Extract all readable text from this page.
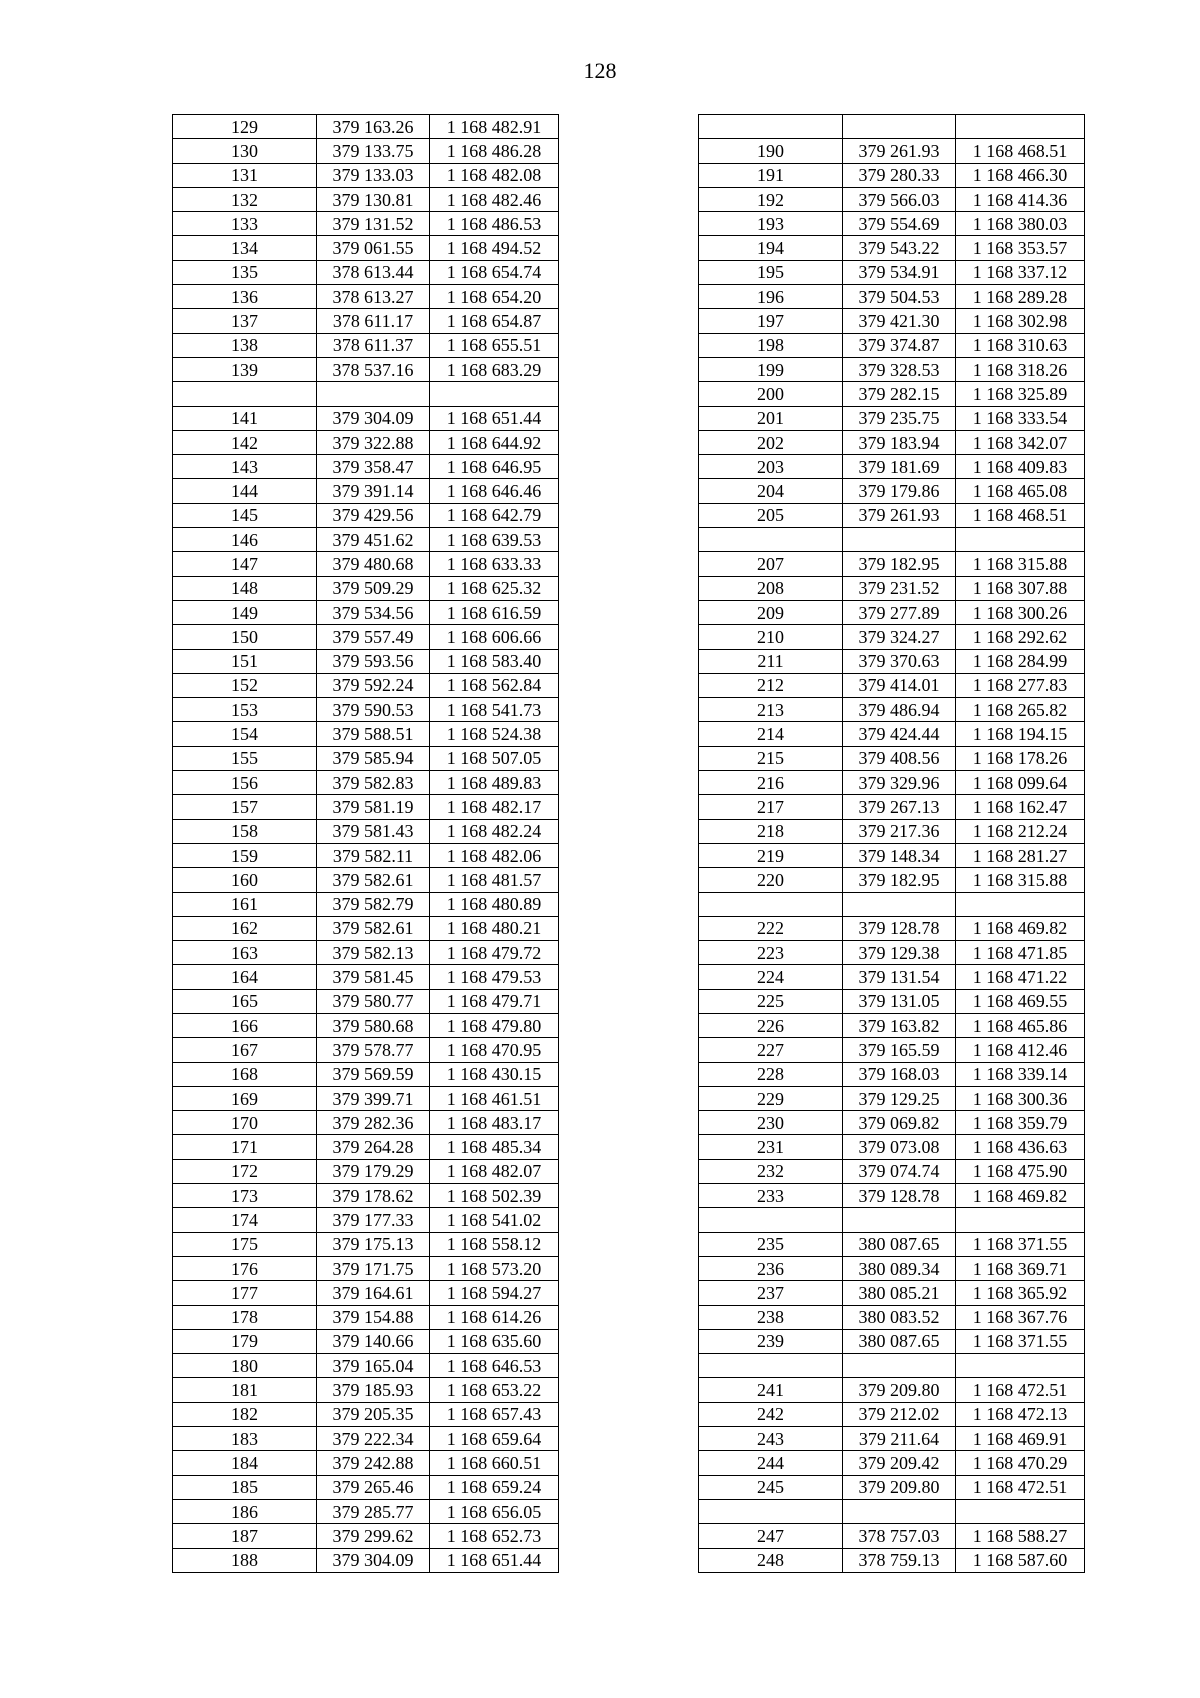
128
129	379 163.26	1 168 482.91
130	379 133.75	1 168 486.28
131	379 133.03	1 168 482.08
132	379 130.81	1 168 482.46
133	379 131.52	1 168 486.53
134	379 061.55	1 168 494.52
135	378 613.44	1 168 654.74
136	378 613.27	1 168 654.20
137	378 611.17	1 168 654.87
138	378 611.37	1 168 655.51
139	378 537.16	1 168 683.29

141	379 304.09	1 168 651.44
142	379 322.88	1 168 644.92
143	379 358.47	1 168 646.95
144	379 391.14	1 168 646.46
145	379 429.56	1 168 642.79
146	379 451.62	1 168 639.53
147	379 480.68	1 168 633.33
148	379 509.29	1 168 625.32
149	379 534.56	1 168 616.59
150	379 557.49	1 168 606.66
151	379 593.56	1 168 583.40
152	379 592.24	1 168 562.84
153	379 590.53	1 168 541.73
154	379 588.51	1 168 524.38
155	379 585.94	1 168 507.05
156	379 582.83	1 168 489.83
157	379 581.19	1 168 482.17
158	379 581.43	1 168 482.24
159	379 582.11	1 168 482.06
160	379 582.61	1 168 481.57
161	379 582.79	1 168 480.89
162	379 582.61	1 168 480.21
163	379 582.13	1 168 479.72
164	379 581.45	1 168 479.53
165	379 580.77	1 168 479.71
166	379 580.68	1 168 479.80
167	379 578.77	1 168 470.95
168	379 569.59	1 168 430.15
169	379 399.71	1 168 461.51
170	379 282.36	1 168 483.17
171	379 264.28	1 168 485.34
172	379 179.29	1 168 482.07
173	379 178.62	1 168 502.39
174	379 177.33	1 168 541.02
175	379 175.13	1 168 558.12
176	379 171.75	1 168 573.20
177	379 164.61	1 168 594.27
178	379 154.88	1 168 614.26
179	379 140.66	1 168 635.60
180	379 165.04	1 168 646.53
181	379 185.93	1 168 653.22
182	379 205.35	1 168 657.43
183	379 222.34	1 168 659.64
184	379 242.88	1 168 660.51
185	379 265.46	1 168 659.24
186	379 285.77	1 168 656.05
187	379 299.62	1 168 652.73
188	379 304.09	1 168 651.44

190	379 261.93	1 168 468.51
191	379 280.33	1 168 466.30
192	379 566.03	1 168 414.36
193	379 554.69	1 168 380.03
194	379 543.22	1 168 353.57
195	379 534.91	1 168 337.12
196	379 504.53	1 168 289.28
197	379 421.30	1 168 302.98
198	379 374.87	1 168 310.63
199	379 328.53	1 168 318.26
200	379 282.15	1 168 325.89
201	379 235.75	1 168 333.54
202	379 183.94	1 168 342.07
203	379 181.69	1 168 409.83
204	379 179.86	1 168 465.08
205	379 261.93	1 168 468.51

207	379 182.95	1 168 315.88
208	379 231.52	1 168 307.88
209	379 277.89	1 168 300.26
210	379 324.27	1 168 292.62
211	379 370.63	1 168 284.99
212	379 414.01	1 168 277.83
213	379 486.94	1 168 265.82
214	379 424.44	1 168 194.15
215	379 408.56	1 168 178.26
216	379 329.96	1 168 099.64
217	379 267.13	1 168 162.47
218	379 217.36	1 168 212.24
219	379 148.34	1 168 281.27
220	379 182.95	1 168 315.88

222	379 128.78	1 168 469.82
223	379 129.38	1 168 471.85
224	379 131.54	1 168 471.22
225	379 131.05	1 168 469.55
226	379 163.82	1 168 465.86
227	379 165.59	1 168 412.46
228	379 168.03	1 168 339.14
229	379 129.25	1 168 300.36
230	379 069.82	1 168 359.79
231	379 073.08	1 168 436.63
232	379 074.74	1 168 475.90
233	379 128.78	1 168 469.82

235	380 087.65	1 168 371.55
236	380 089.34	1 168 369.71
237	380 085.21	1 168 365.92
238	380 083.52	1 168 367.76
239	380 087.65	1 168 371.55

241	379 209.80	1 168 472.51
242	379 212.02	1 168 472.13
243	379 211.64	1 168 469.91
244	379 209.42	1 168 470.29
245	379 209.80	1 168 472.51

247	378 757.03	1 168 588.27
248	378 759.13	1 168 587.60
